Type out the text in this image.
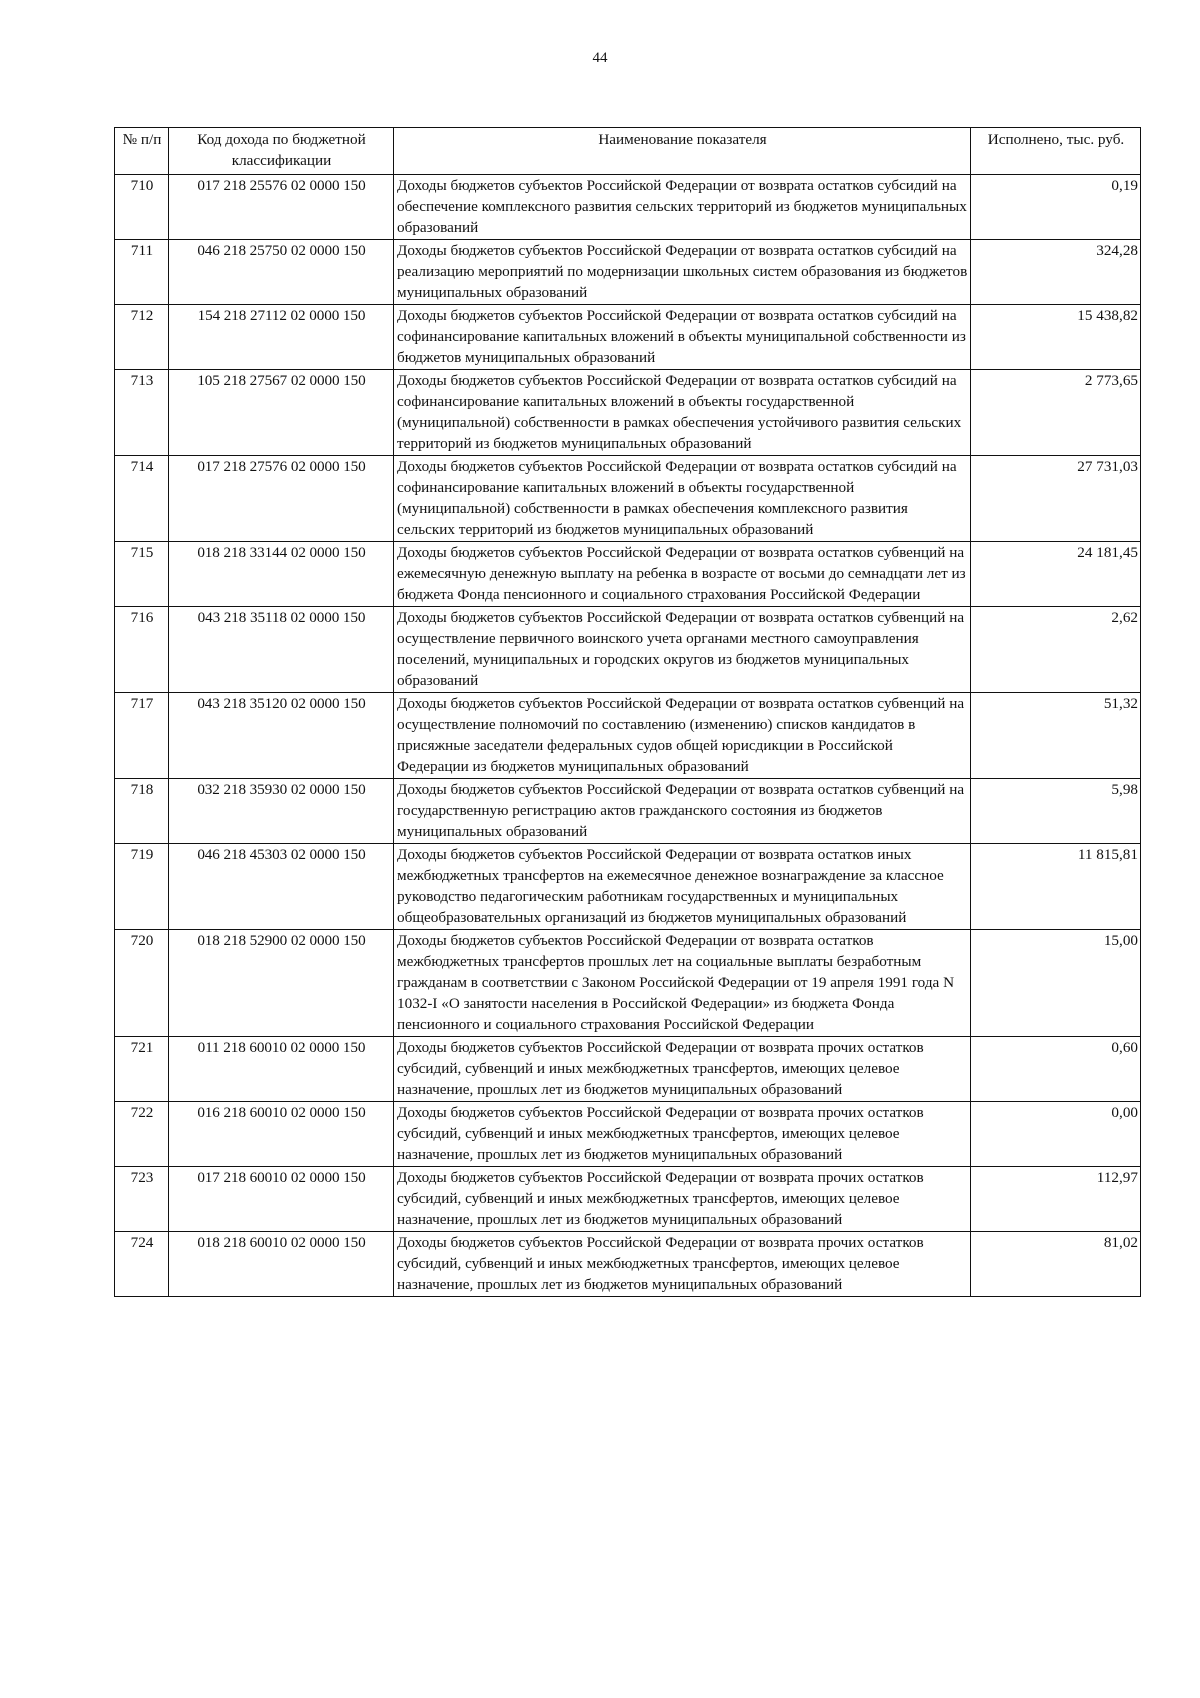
44
№ п/п	Код дохода по бюджетной классификации	Наименование показателя	Исполнено, тыс. руб.
710	017 218 25576 02 0000 150	Доходы бюджетов субъектов Российской Федерации от возврата остатков субсидий на обеспечение комплексного развития сельских территорий из бюджетов муниципальных образований	0,19
711	046 218 25750 02 0000 150	Доходы бюджетов субъектов Российской Федерации от возврата остатков субсидий на реализацию мероприятий по модернизации школьных систем образования из бюджетов муниципальных образований	324,28
712	154 218 27112 02 0000 150	Доходы бюджетов субъектов Российской Федерации от возврата остатков субсидий на софинансирование капитальных вложений в объекты муниципальной собственности из бюджетов муниципальных образований	15 438,82
713	105 218 27567 02 0000 150	Доходы бюджетов субъектов Российской Федерации от возврата остатков субсидий на софинансирование капитальных вложений в объекты государственной (муниципальной) собственности в рамках обеспечения устойчивого развития сельских территорий из бюджетов муниципальных образований	2 773,65
714	017 218 27576 02 0000 150	Доходы бюджетов субъектов Российской Федерации от возврата остатков субсидий на софинансирование капитальных вложений в объекты государственной (муниципальной) собственности в рамках обеспечения комплексного развития сельских территорий из бюджетов муниципальных образований	27 731,03
715	018 218 33144 02 0000 150	Доходы бюджетов субъектов Российской Федерации от возврата остатков субвенций на ежемесячную денежную выплату на ребенка в возрасте от восьми до семнадцати лет из бюджета Фонда пенсионного и социального страхования Российской Федерации	24 181,45
716	043 218 35118 02 0000 150	Доходы бюджетов субъектов Российской Федерации от возврата остатков субвенций на осуществление первичного воинского учета органами местного самоуправления поселений, муниципальных и городских округов из бюджетов муниципальных образований	2,62
717	043 218 35120 02 0000 150	Доходы бюджетов субъектов Российской Федерации от возврата остатков субвенций на осуществление полномочий по составлению (изменению) списков кандидатов в присяжные заседатели федеральных судов общей юрисдикции в Российской Федерации из бюджетов муниципальных образований	51,32
718	032 218 35930 02 0000 150	Доходы бюджетов субъектов Российской Федерации от возврата остатков субвенций на государственную регистрацию актов гражданского состояния из бюджетов муниципальных образований	5,98
719	046 218 45303 02 0000 150	Доходы бюджетов субъектов Российской Федерации от возврата остатков иных межбюджетных трансфертов на ежемесячное денежное вознаграждение за классное руководство педагогическим работникам государственных и муниципальных общеобразовательных организаций из бюджетов муниципальных образований	11 815,81
720	018 218 52900 02 0000 150	Доходы бюджетов субъектов Российской Федерации от возврата остатков межбюджетных трансфертов прошлых лет на социальные выплаты безработным гражданам в соответствии с Законом Российской Федерации от 19 апреля 1991 года N 1032-I «О занятости населения в Российской Федерации» из бюджета Фонда пенсионного и социального страхования Российской Федерации	15,00
721	011 218 60010 02 0000 150	Доходы бюджетов субъектов Российской Федерации от возврата прочих остатков субсидий, субвенций и иных межбюджетных трансфертов, имеющих целевое назначение, прошлых лет из бюджетов муниципальных образований	0,60
722	016 218 60010 02 0000 150	Доходы бюджетов субъектов Российской Федерации от возврата прочих остатков субсидий, субвенций и иных межбюджетных трансфертов, имеющих целевое назначение, прошлых лет из бюджетов муниципальных образований	0,00
723	017 218 60010 02 0000 150	Доходы бюджетов субъектов Российской Федерации от возврата прочих остатков субсидий, субвенций и иных межбюджетных трансфертов, имеющих целевое назначение, прошлых лет из бюджетов муниципальных образований	112,97
724	018 218 60010 02 0000 150	Доходы бюджетов субъектов Российской Федерации от возврата прочих остатков субсидий, субвенций и иных межбюджетных трансфертов, имеющих целевое назначение, прошлых лет из бюджетов муниципальных образований	81,02
